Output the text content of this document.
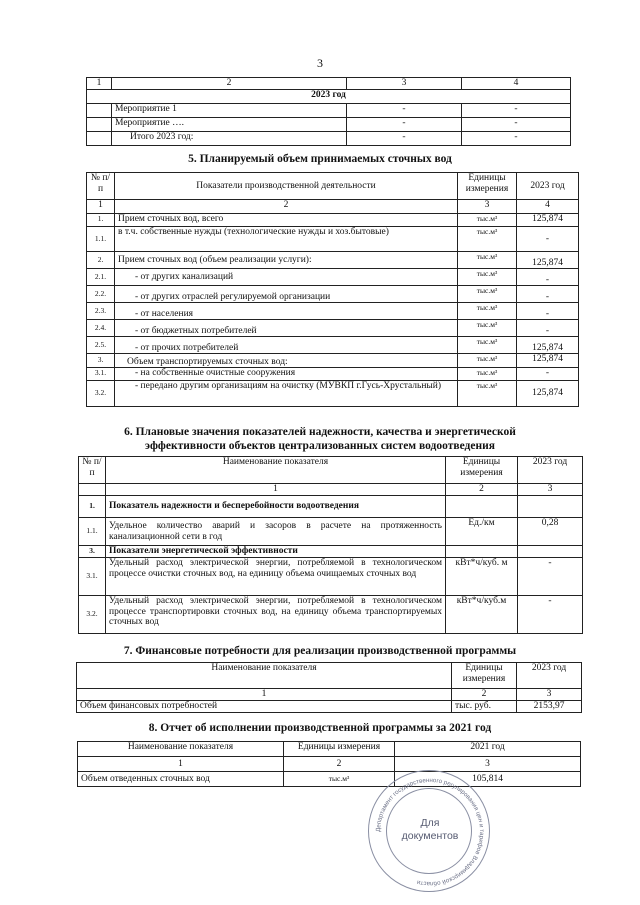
3
1	2	3	4
2023 год			
	Мероприятие 1	-	-
	Мероприятие ….	-	-
	Итого 2023 год:	-	-
5. Планируемый объем принимаемых сточных вод
№ п/п	Показатели производственной деятельности	Единицы измерения	2023 год
1	2	3	4
1.	Прием сточных вод, всего	тыс.м³	125,874
1.1.	в т.ч. собственные нужды (технологические нужды и хоз.бытовые)	тыс.м³	-
2.	Прием сточных вод (объем реализации услуги):	тыс.м³	125,874
2.1.	- от других канализаций	тыс.м³	-
2.2.	- от других отраслей регулируемой организации	тыс.м³	-
2.3.	- от населения	тыс.м³	-
2.4.	- от бюджетных потребителей	тыс.м³	-
2.5.	- от прочих потребителей	тыс.м³	125,874
3.	Объем транспортируемых сточных вод:	тыс.м³	125,874
3.1.	- на собственные очистные сооружения	тыс.м³	-
3.2.	- передано другим организациям на очистку (МУВКП г.Гусь-Хрустальный)	тыс.м³	125,874
6. Плановые значения показателей надежности, качества и энергетической
эффективности объектов централизованных систем водоотведения
№ п/п	Наименование показателя	Единицы измерения	2023 год
	1	2	3
1.	Показатель надежности и бесперебойности водоотведения		
1.1.	Удельное количество аварий и засоров в расчете на протяженность канализационной сети в год	Ед./км	0,28
3.	Показатели энергетической эффективности		
3.1.	Удельный расход электрической энергии, потребляемой в технологическом процессе очистки сточных вод, на единицу объема очищаемых сточных вод	кВт*ч/куб. м	-
3.2.	Удельный расход электрической энергии, потребляемой в технологическом процессе транспортировки сточных вод, на единицу объема транспортируемых сточных вод	кВт*ч/куб.м	-
7. Финансовые потребности для реализации производственной программы
Наименование показателя	Единицы измерения	2023 год
1	2	3
Объем финансовых потребностей	тыс. руб.	2153,97
8. Отчет об исполнении производственной программы за 2021 год
Наименование показателя	Единицы измерения	2021 год
1	2	3
Объем отведенных сточных вод	тыс.м³	105,814
Департамент государственного регулирования цен и тарифов Владимирской области
Для
документов
